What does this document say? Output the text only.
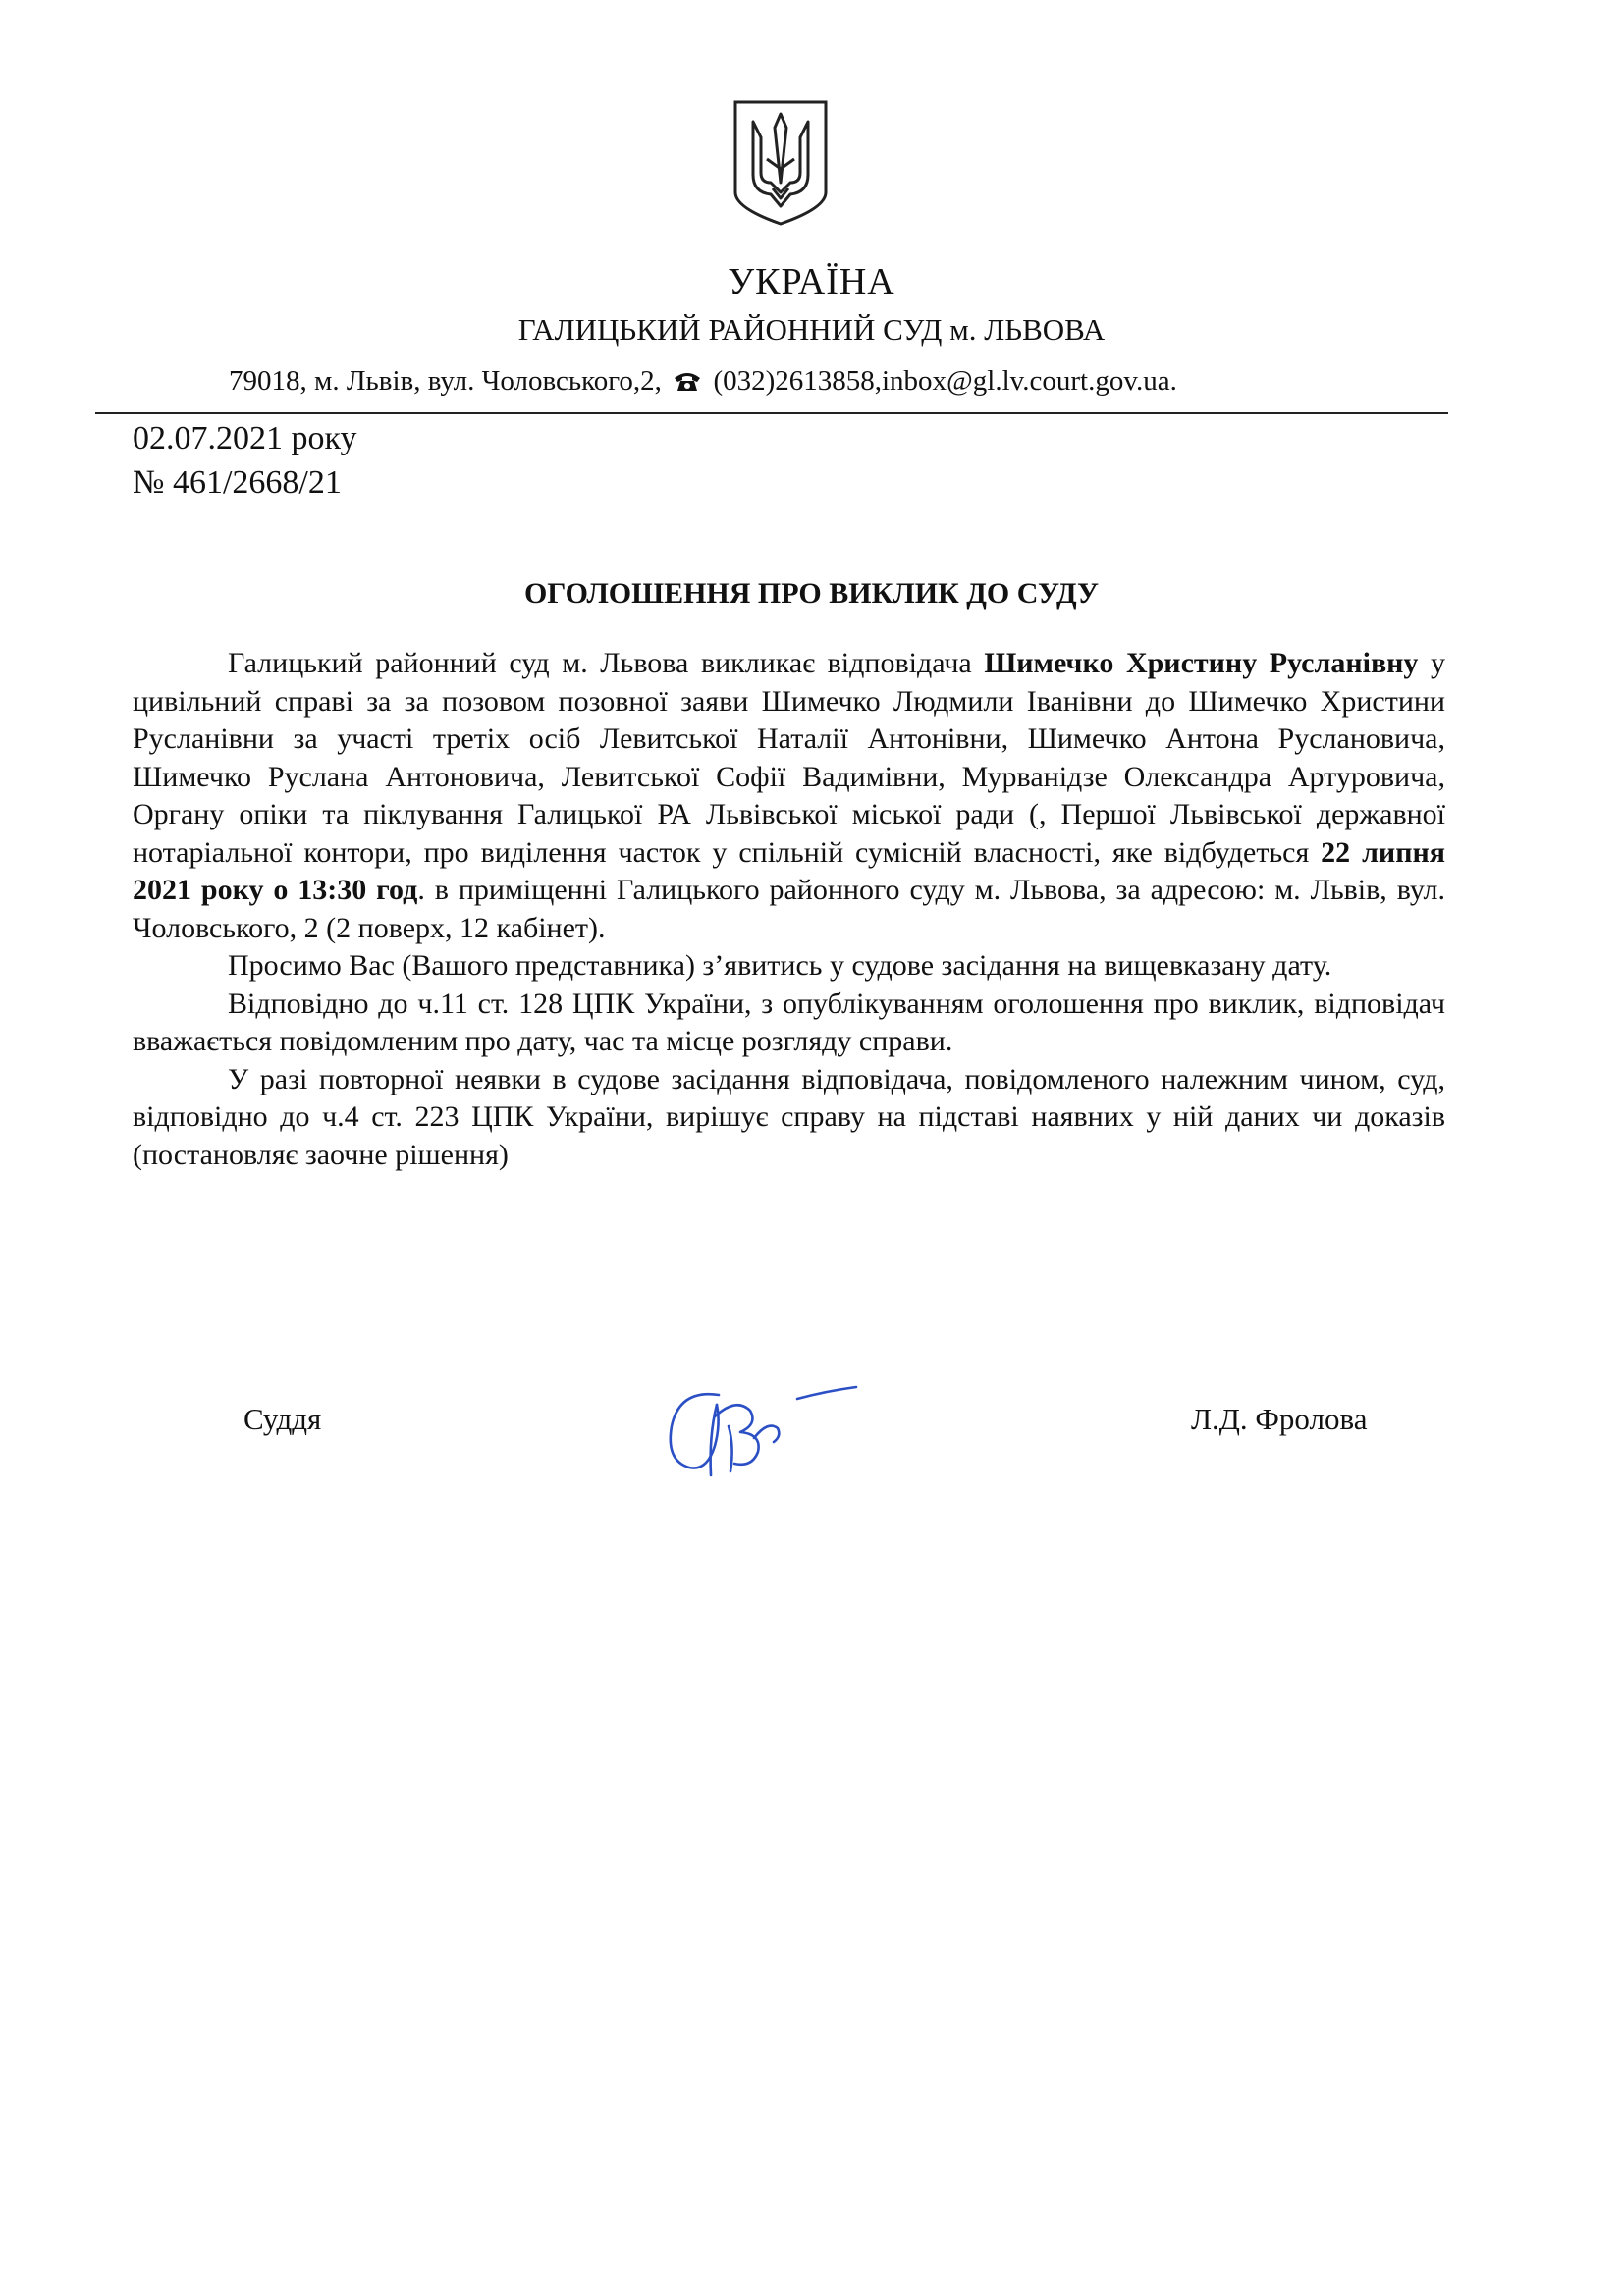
УКРАЇНА
ГАЛИЦЬКИЙ РАЙОННИЙ СУД м. ЛЬВОВА
79018, м. Львів, вул. Чоловського,2, (032)2613858,inbox@gl.lv.court.gov.ua.
02.07.2021 року
№ 461/2668/21
ОГОЛОШЕННЯ ПРО ВИКЛИК ДО СУДУ

Галицький районний суд м. Львова викликає відповідача Шимечко Христину Русланівну у цивільний справі за за позовом позовної заяви Шимечко Людмили Іванівни до Шимечко Христини Русланівни за участі третіх осіб Левитської Наталії Антонівни, Шимечко Антона Руслановича, Шимечко Руслана Антоновича, Левитської Софії Вадимівни, Мурванідзе Олександра Артуровича, Органу опіки та піклування Галицької РА Львівської міської ради (, Першої Львівської державної нотаріальної контори, про виділення часток у спільній сумісній власності, яке відбудеться 22 липня 2021 року о 13:30 год. в приміщенні Галицького районного суду м. Львова, за адресою: м. Львів, вул. Чоловського, 2 (2 поверх, 12 кабінет).

Просимо Вас (Вашого представника) з’явитись у судове засідання на вищевказану дату.

Відповідно до ч.11 ст. 128 ЦПК України, з опублікуванням оголошення про виклик, відповідач вважається повідомленим про дату, час та місце розгляду справи.

У разі повторної неявки в судове засідання відповідача, повідомленого належним чином, суд, відповідно до ч.4 ст. 223 ЦПК України, вирішує справу на підставі наявних у ній даних чи доказів (постановляє заочне рішення)

Суддя	Л.Д. Фролова
